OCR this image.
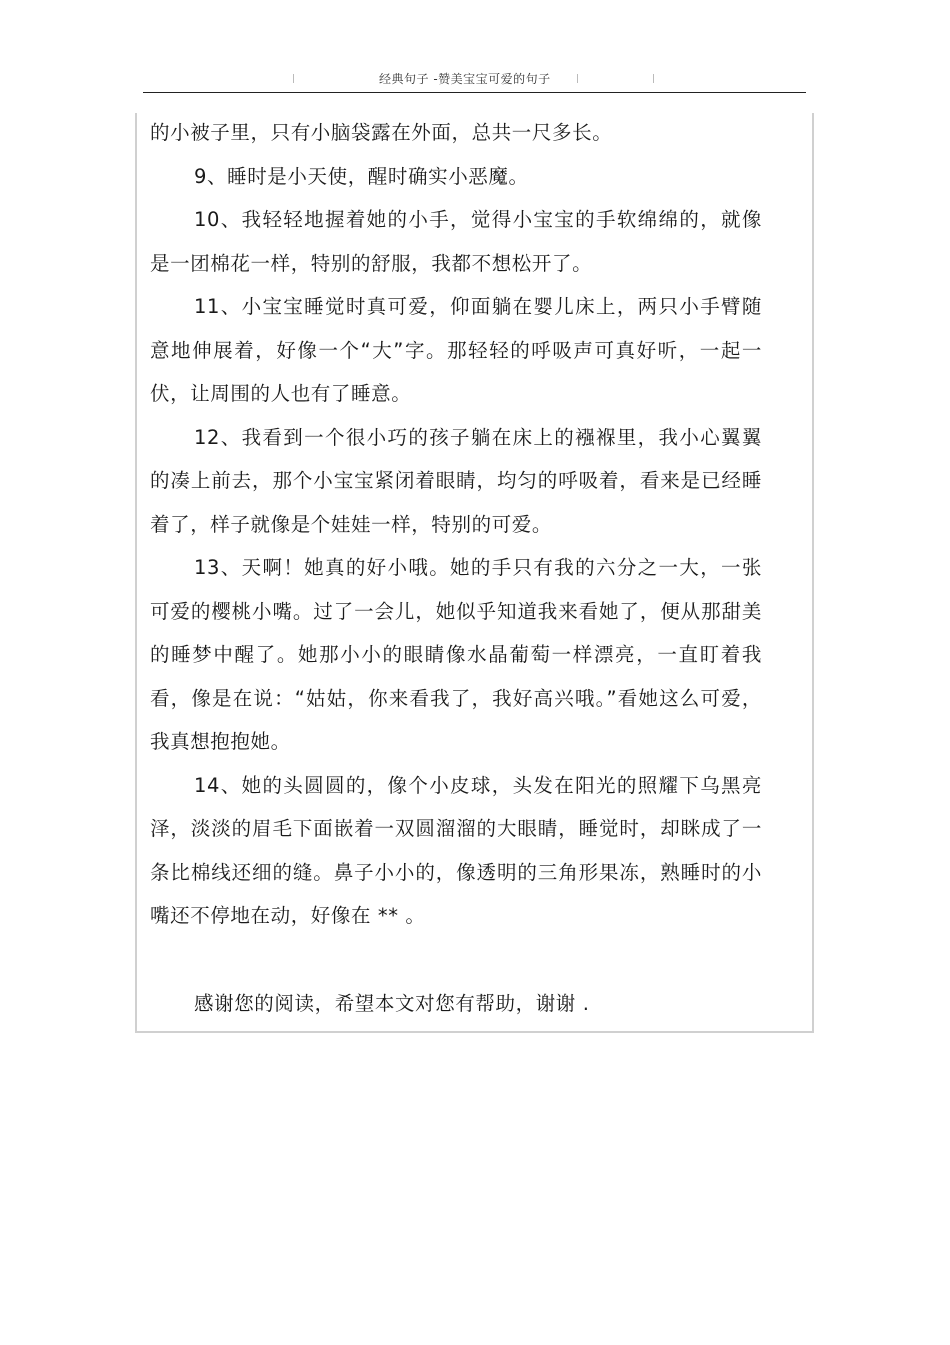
经典句子 -赞美宝宝可爱的句子

的小被子里，只有小脑袋露在外面，总共一尺多长。

9、睡时是小天使，醒时确实小恶魔。

10、我轻轻地握着她的小手，觉得小宝宝的手软绵绵的，就像是一团棉花一样，特别的舒服，我都不想松开了。

11、小宝宝睡觉时真可爱，仰面躺在婴儿床上，两只小手臂随意地伸展着，好像一个“大”字。那轻轻的呼吸声可真好听，一起一伏，让周围的人也有了睡意。

12、我看到一个很小巧的孩子躺在床上的襁褓里，我小心翼翼的凑上前去，那个小宝宝紧闭着眼睛，均匀的呼吸着，看来是已经睡着了，样子就像是个娃娃一样，特别的可爱。

13、天啊！她真的好小哦。她的手只有我的六分之一大，一张可爱的樱桃小嘴。过了一会儿，她似乎知道我来看她了，便从那甜美的睡梦中醒了。她那小小的眼睛像水晶葡萄一样漂亮，一直盯着我看，像是在说：“姑姑，你来看我了，我好高兴哦。”看她这么可爱，我真想抱抱她。

14、她的头圆圆的，像个小皮球，头发在阳光的照耀下乌黑亮泽，淡淡的眉毛下面嵌着一双圆溜溜的大眼睛，睡觉时，却眯成了一条比棉线还细的缝。鼻子小小的，像透明的三角形果冻，熟睡时的小嘴还不停地在动，好像在 ** 。

感谢您的阅读，希望本文对您有帮助，谢谢 .
